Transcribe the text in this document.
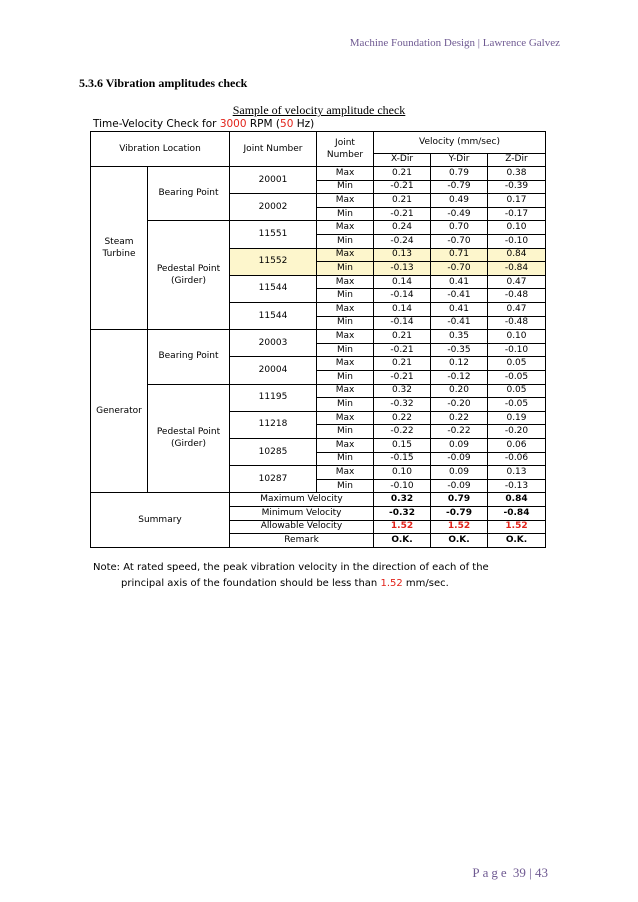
Machine Foundation Design | Lawrence Galvez
5.3.6 Vibration amplitudes check
Sample of velocity amplitude check
Time-Velocity Check for 3000 RPM (50 Hz)
Vibration Location		Joint Number	Joint Number	Velocity (mm/sec)		
				X-Dir	Y-Dir	Z-Dir
Steam Turbine	Bearing Point	20001	Max	0.21	0.79	0.38
			Min	-0.21	-0.79	-0.39
		20002	Max	0.21	0.49	0.17
			Min	-0.21	-0.49	-0.17
	Pedestal Point (Girder)	11551	Max	0.24	0.70	0.10
			Min	-0.24	-0.70	-0.10
		11552	Max	0.13	0.71	0.84
			Min	-0.13	-0.70	-0.84
		11544	Max	0.14	0.41	0.47
			Min	-0.14	-0.41	-0.48
		11544	Max	0.14	0.41	0.47
			Min	-0.14	-0.41	-0.48
Generator	Bearing Point	20003	Max	0.21	0.35	0.10
			Min	-0.21	-0.35	-0.10
		20004	Max	0.21	0.12	0.05
			Min	-0.21	-0.12	-0.05
	Pedestal Point (Girder)	11195	Max	0.32	0.20	0.05
			Min	-0.32	-0.20	-0.05
		11218	Max	0.22	0.22	0.19
			Min	-0.22	-0.22	-0.20
		10285	Max	0.15	0.09	0.06
			Min	-0.15	-0.09	-0.06
		10287	Max	0.10	0.09	0.13
			Min	-0.10	-0.09	-0.13
Summary		Maximum Velocity		0.32	0.79	0.84
		Minimum Velocity		-0.32	-0.79	-0.84
		Allowable Velocity		1.52	1.52	1.52
		Remark		O.K.	O.K.	O.K.
Note: At rated speed, the peak vibration velocity in the direction of each of the
principal axis of the foundation should be less than 1.52 mm/sec.
Page 39 | 43
